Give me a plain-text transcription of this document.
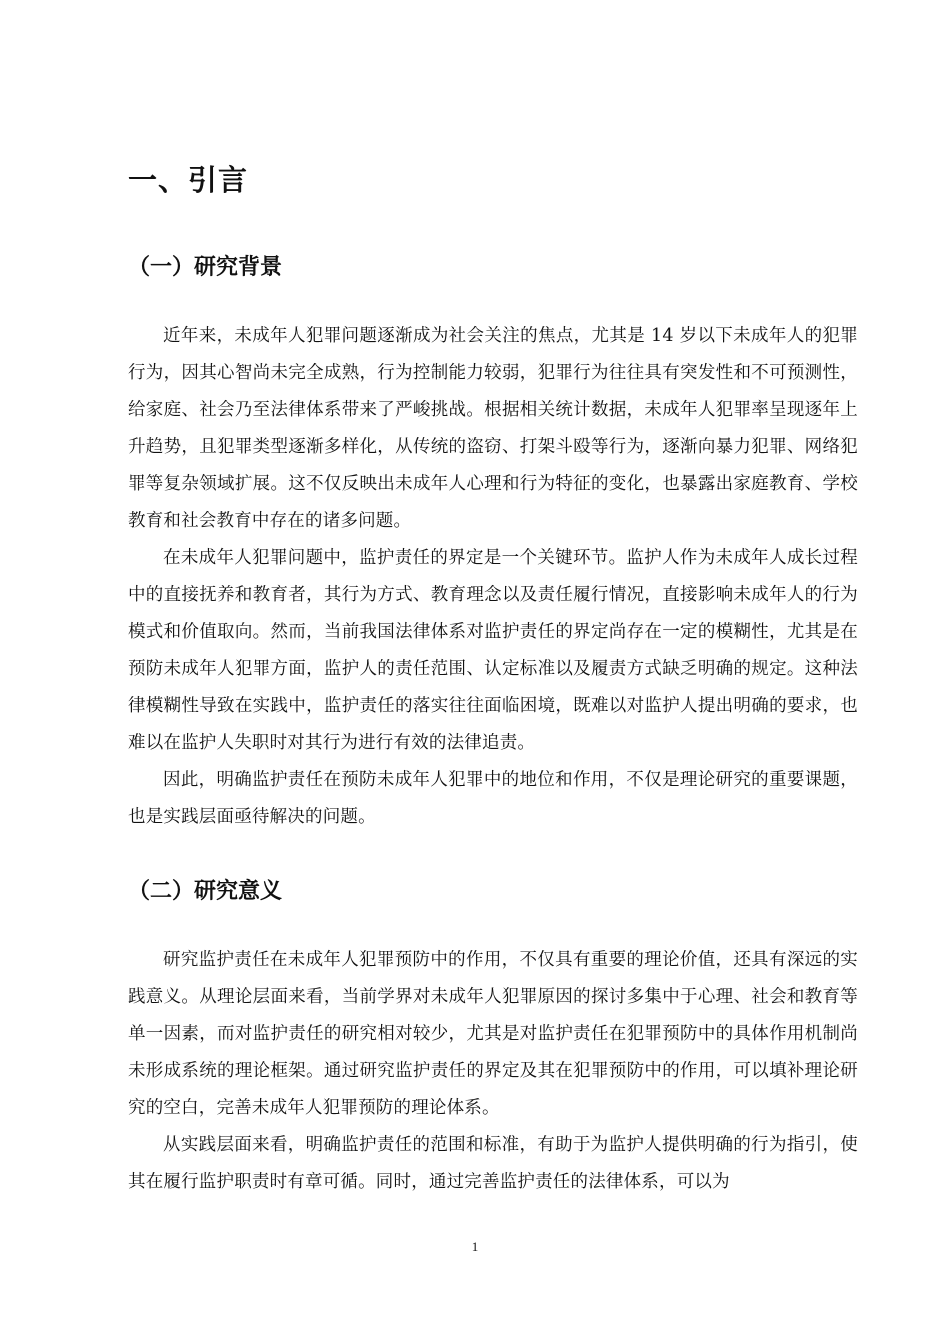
一、引言
（一）研究背景

近年来，未成年人犯罪问题逐渐成为社会关注的焦点，尤其是 14 岁以下未成年人的犯罪行为，因其心智尚未完全成熟，行为控制能力较弱，犯罪行为往往具有突发性和不可预测性，给家庭、社会乃至法律体系带来了严峻挑战。根据相关统计数据，未成年人犯罪率呈现逐年上升趋势，且犯罪类型逐渐多样化，从传统的盗窃、打架斗殴等行为，逐渐向暴力犯罪、网络犯罪等复杂领域扩展。这不仅反映出未成年人心理和行为特征的变化，也暴露出家庭教育、学校教育和社会教育中存在的诸多问题。

在未成年人犯罪问题中，监护责任的界定是一个关键环节。监护人作为未成年人成长过程中的直接抚养和教育者，其行为方式、教育理念以及责任履行情况，直接影响未成年人的行为模式和价值取向。然而，当前我国法律体系对监护责任的界定尚存在一定的模糊性，尤其是在预防未成年人犯罪方面，监护人的责任范围、认定标准以及履责方式缺乏明确的规定。这种法律模糊性导致在实践中，监护责任的落实往往面临困境，既难以对监护人提出明确的要求，也难以在监护人失职时对其行为进行有效的法律追责。

因此，明确监护责任在预防未成年人犯罪中的地位和作用，不仅是理论研究的重要课题，也是实践层面亟待解决的问题。

（二）研究意义

研究监护责任在未成年人犯罪预防中的作用，不仅具有重要的理论价值，还具有深远的实践意义。从理论层面来看，当前学界对未成年人犯罪原因的探讨多集中于心理、社会和教育等单一因素，而对监护责任的研究相对较少，尤其是对监护责任在犯罪预防中的具体作用机制尚未形成系统的理论框架。通过研究监护责任的界定及其在犯罪预防中的作用，可以填补理论研究的空白，完善未成年人犯罪预防的理论体系。

从实践层面来看，明确监护责任的范围和标准，有助于为监护人提供明确的行为指引，使其在履行监护职责时有章可循。同时，通过完善监护责任的法律体系，可以为

1
